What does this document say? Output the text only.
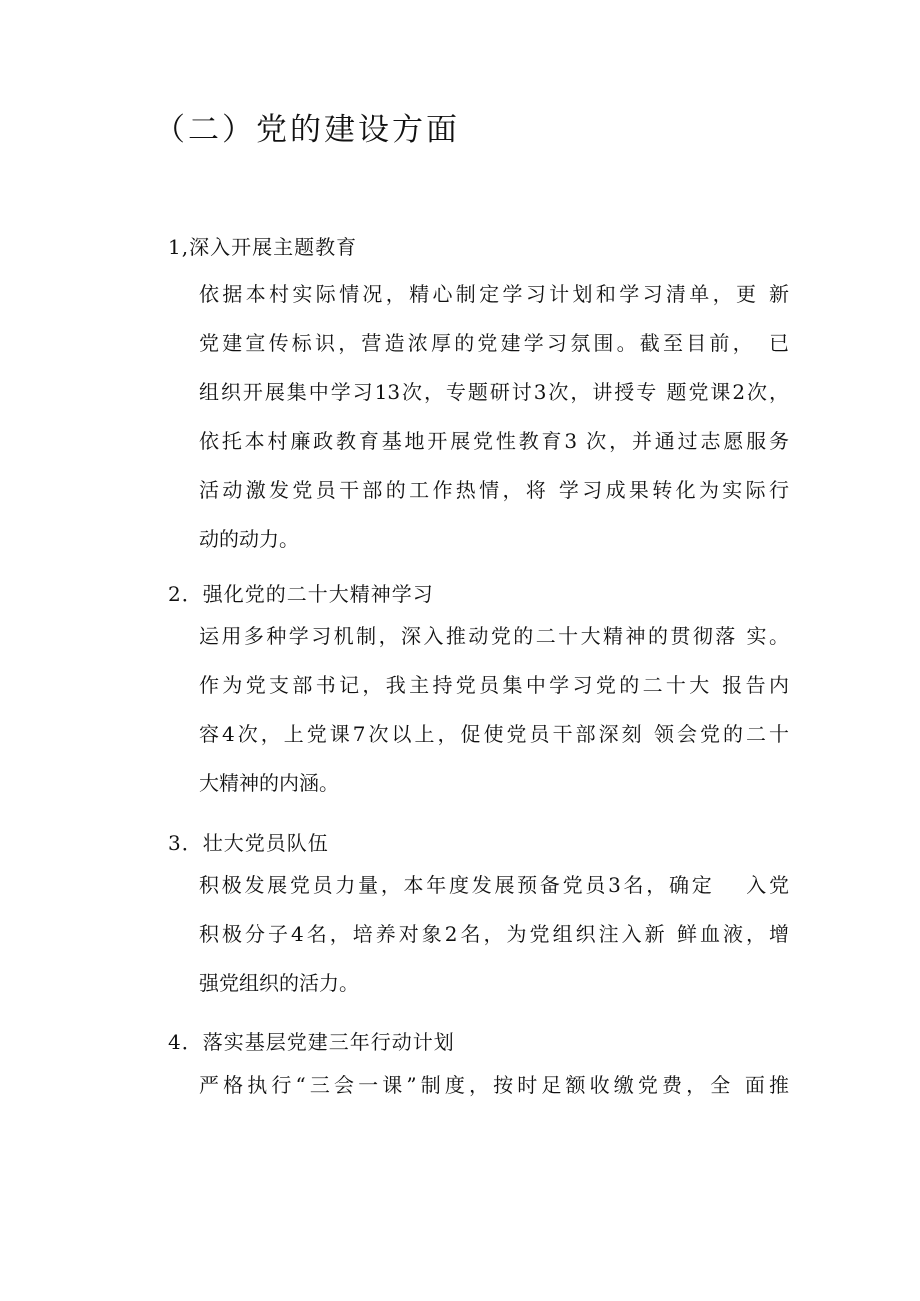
（二）党的建设方面
1,深入开展主题教育
依据本村实际情况，精心制定学习计划和学习清单，更 新
党建宣传标识，营造浓厚的党建学习氛围。截至目前，　已
组织开展集中学习13次，专题研讨3次，讲授专 题党课2次，
依托本村廉政教育基地开展党性教育3 次，并通过志愿服务
活动激发党员干部的工作热情，将 学习成果转化为实际行
动的动力。
2．强化党的二十大精神学习
运用多种学习机制，深入推动党的二十大精神的贯彻落 实。
作为党支部书记，我主持党员集中学习党的二十大 报告内
容4次，上党课7次以上，促使党员干部深刻 领会党的二十
大精神的内涵。
3．壮大党员队伍
积极发展党员力量，本年度发展预备党员3名，确定　 入党
积极分子4名，培养对象2名，为党组织注入新 鲜血液，增
强党组织的活力。
4．落实基层党建三年行动计划
严格执行“三会一课”制度，按时足额收缴党费，全 面推
